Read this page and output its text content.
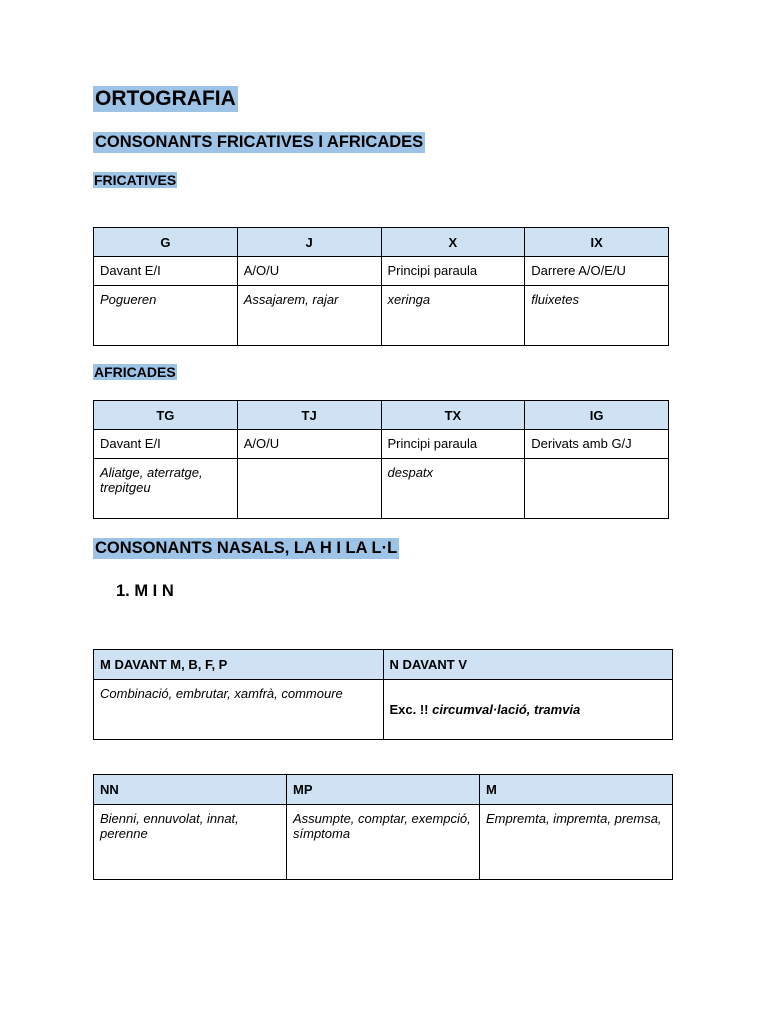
ORTOGRAFIA
CONSONANTS FRICATIVES I AFRICADES
FRICATIVES
G	J	X	IX
Davant E/I	A/O/U	Principi paraula	Darrere A/O/E/U
Pogueren	Assajarem, rajar	xeringa	fluixetes
AFRICADES
TG	TJ	TX	IG
Davant E/I	A/O/U	Principi paraula	Derivats amb G/J
Aliatge, aterratge, trepitgeu		despatx	
CONSONANTS NASALS, LA H I LA L·L
1. M I N
M DAVANT M, B, F, P	N DAVANT V
Combinació, embrutar, xamfrà, commoure	Exc. !! circumval·lació, tramvia
NN	MP	M
Bienni, ennuvolat, innat, perenne	Assumpte, comptar, exempció, símptoma	Empremta, impremta, premsa,
